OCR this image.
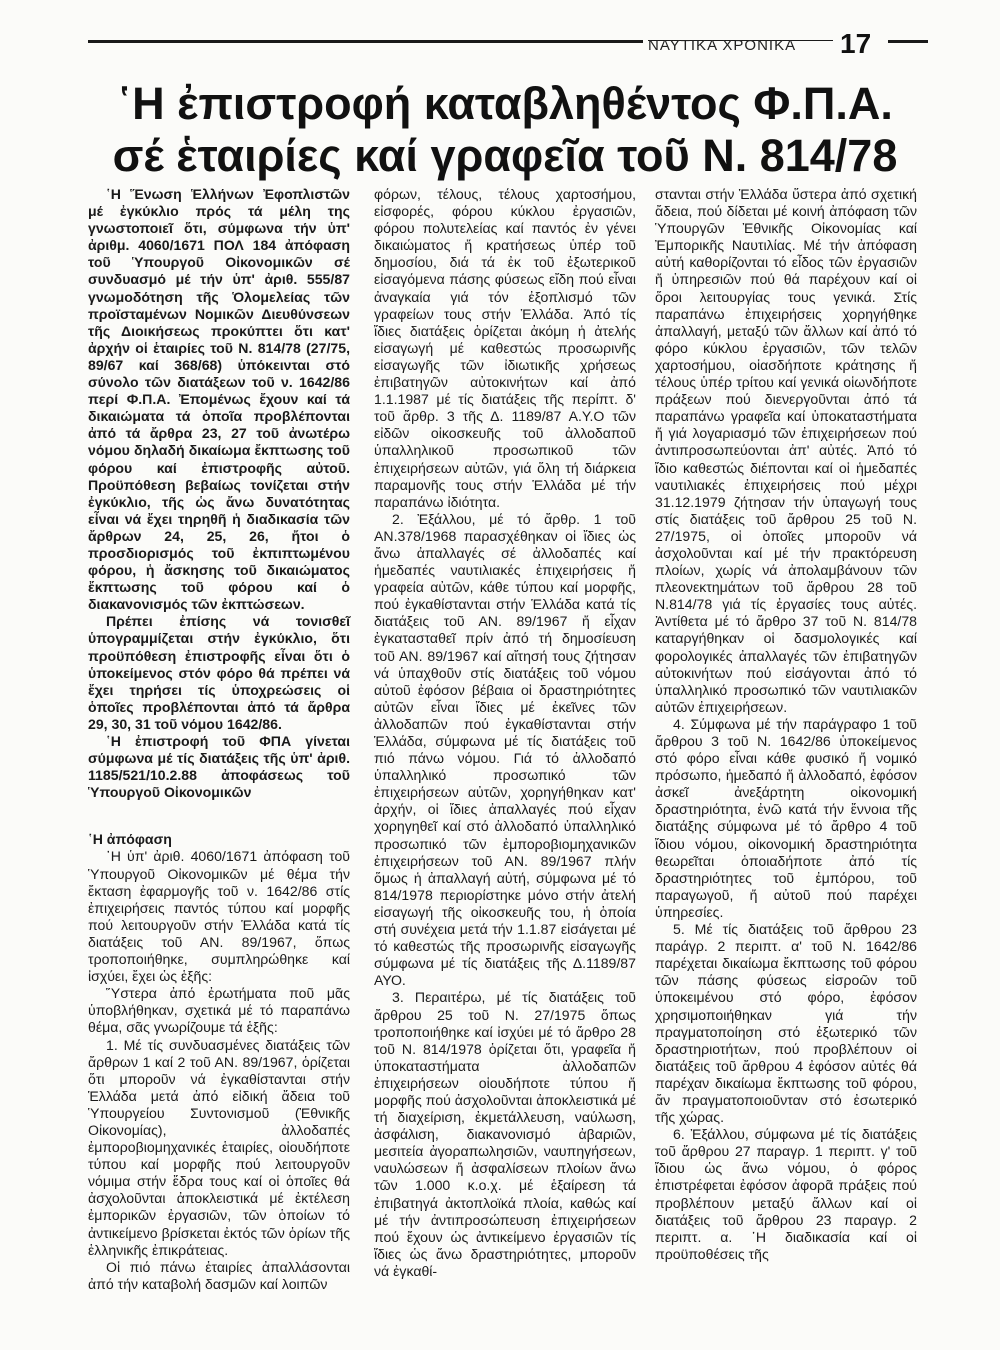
ΝΑΥΤΙΚΑ ΧΡΟΝΙΚΑ 17
῾Η ἐπιστροφή καταβληθέντος Φ.Π.Α.
σέ ἑταιρίες καί γραφεῖα τοῦ Ν. 814/78

῾Η Ἕνωση Ἑλλήνων Ἐφοπλιστῶν μέ ἐγκύκλιο πρός τά μέλη της γνωστοποιεῖ ὅτι, σύμφωνα τήν ὑπ' ἀριθμ. 4060/1671 ΠΟΛ 184 ἀπόφαση τοῦ Ὑπουργοῦ Οἰκονομικῶν σέ συνδυασμό μέ τήν ὑπ' ἀριθ. 555/87 γνωμοδότηση τῆς Ὁλομελείας τῶν προϊσταμένων Νομικῶν Διευθύνσεων τῆς Διοικήσεως προκύπτει ὅτι κατ' ἀρχήν οἱ ἑταιρίες τοῦ Ν. 814/78 (27/75, 89/67 καί 368/68) ὑπόκεινται στό σύνολο τῶν διατάξεων τοῦ ν. 1642/86 περί Φ.Π.Α. Ἐπομένως ἔχουν καί τά δικαιώματα τά ὁποῖα προβλέπονται ἀπό τά ἄρθρα 23, 27 τοῦ ἀνωτέρω νόμου δηλαδή δικαίωμα ἔκπτωσης τοῦ φόρου καί ἐπιστροφῆς αὐτοῦ. Προϋπόθεση βεβαίως τονίζεται στήν ἐγκύκλιο, τῆς ὡς ἄνω δυνατότητας εἶναι νά ἔχει τηρηθῆ ἡ διαδικασία τῶν ἄρθρων 24, 25, 26, ἤτοι ὁ προσδιορισμός τοῦ ἐκπιπτωμένου φόρου, ἡ ἄσκησης τοῦ δικαιώματος ἔκπτωσης τοῦ φόρου καί ὁ διακανονισμός τῶν ἐκπτώσεων.

Πρέπει ἐπίσης νά τονισθεῖ ὑπογραμμίζεται στήν ἐγκύκλιο, ὅτι προϋπόθεση ἐπιστροφῆς εἶναι ὅτι ὁ ὑποκείμενος στόν φόρο θά πρέπει νά ἔχει τηρήσει τίς ὑποχρεώσεις οἱ ὁποῖες προβλέπονται ἀπό τά ἄρθρα 29, 30, 31 τοῦ νόμου 1642/86.

῾Η ἐπιστροφή τοῦ ΦΠΑ γίνεται σύμφωνα μέ τίς διατάξεις τῆς ὑπ' ἀριθ. 1185/521/10.2.88 ἀποφάσεως τοῦ Ὑπουργοῦ Οἰκονομικῶν

῾Η ἀπόφαση

῾Η ὑπ' ἀριθ. 4060/1671 ἀπόφαση τοῦ Ὑπουργοῦ Οἰκονομικῶν μέ θέμα τήν ἔκταση ἐφαρμογῆς τοῦ ν. 1642/86 στίς ἐπιχειρήσεις παντός τύπου καί μορφῆς πού λειτουργοῦν στήν Ἑλλάδα κατά τίς διατάξεις τοῦ ΑΝ. 89/1967, ὅπως τροποποιήθηκε, συμπληρώθηκε καί ἰσχύει, ἔχει ὡς ἑξῆς:

Ὕστερα ἀπό ἐρωτήματα ποῦ μᾶς ὑποβλήθηκαν, σχετικά μέ τό παραπάνω θέμα, σᾶς γνωρίζουμε τά ἑξῆς:

1. Μέ τίς συνδυασμένες διατάξεις τῶν ἄρθρων 1 καί 2 τοῦ ΑΝ. 89/1967, ὁρίζεται ὅτι μποροῦν νά ἐγκαθίστανται στήν Ἑλλάδα μετά ἀπό εἰδική ἄδεια τοῦ Ὑπουργείου Συντονισμοῦ (Ἐθνικῆς Οἰκονομίας), ἀλλοδαπές ἐμποροβιομηχανικές ἑταιρίες, οἱουδήποτε τύπου καί μορφῆς πού λειτουργοῦν νόμιμα στήν ἕδρα τους καί οἱ ὁποῖες θά ἀσχολοῦνται ἀποκλειστικά μέ ἐκτέλεση ἐμπορικῶν ἐργασιῶν, τῶν ὁποίων τό ἀντικείμενο βρίσκεται ἐκτός τῶν ὁρίων τῆς ἑλληνικῆς ἐπικράτειας.

Οἱ πιό πάνω ἑταιρίες ἀπαλλάσονται ἀπό τήν καταβολή δασμῶν καί λοιπῶν

φόρων, τέλους, τέλους χαρτοσήμου, εἰσφορές, φόρου κύκλου ἐργασιῶν, φόρου πολυτελείας καί παντός ἐν γένει δικαιώματος ἤ κρατήσεως ὑπέρ τοῦ δημοσίου, διά τά ἐκ τοῦ ἐξωτερικοῦ εἰσαγόμενα πάσης φύσεως εἴδη πού εἶναι ἀναγκαία γιά τόν ἐξοπλισμό τῶν γραφείων τους στήν Ἑλλάδα. Ἀπό τίς ἴδιες διατάξεις ὁρίζεται ἀκόμη ἡ ἀτελής εἰσαγωγή μέ καθεστώς προσωρινῆς εἰσαγωγῆς τῶν ἰδιωτικῆς χρήσεως ἐπιβατηγῶν αὐτοκινήτων καί ἀπό 1.1.1987 μέ τίς διατάξεις τῆς περίπτ. δ' τοῦ ἄρθρ. 3 τῆς Δ. 1189/87 Α.Υ.Ο τῶν εἰδῶν οἰκοσκευῆς τοῦ ἀλλοδαποῦ ὑπαλληλικοῦ προσωπικοῦ τῶν ἐπιχειρήσεων αὐτῶν, γιά ὅλη τή διάρκεια παραμονῆς τους στήν Ἑλλάδα μέ τήν παραπάνω ἰδιότητα.

2. Ἐξάλλου, μέ τό ἄρθρ. 1 τοῦ ΑΝ.378/1968 παρασχέθηκαν οἱ ἴδιες ὡς ἄνω ἀπαλλαγές σέ ἀλλοδαπές καί ἡμεδαπές ναυτιλιακές ἐπιχειρήσεις ἤ γραφεία αὐτῶν, κάθε τύπου καί μορφῆς, πού ἐγκαθίστανται στήν Ἑλλάδα κατά τίς διατάξεις τοῦ ΑΝ. 89/1967 ἤ εἶχαν ἐγκατασταθεῖ πρίν ἀπό τή δημοσίευση τοῦ ΑΝ. 89/1967 καί αἴτησή τους ζήτησαν νά ὑπαχθοῦν στίς διατάξεις τοῦ νόμου αὐτοῦ ἐφόσον βέβαια οἱ δραστηριότητες αὐτῶν εἶναι ἴδιες μέ ἐκεῖνες τῶν ἀλλοδαπῶν πού ἐγκαθίστανται στήν Ἑλλάδα, σύμφωνα μέ τίς διατάξεις τοῦ πιό πάνω νόμου. Γιά τό ἀλλοδαπό ὑπαλληλικό προσωπικό τῶν ἐπιχειρήσεων αὐτῶν, χορηγήθηκαν κατ' ἀρχήν, οἱ ἴδιες ἀπαλλαγές πού εἶχαν χορηγηθεῖ καί στό ἀλλοδαπό ὑπαλληλικό προσωπικό τῶν ἐμποροβιομηχανικῶν ἐπιχειρήσεων τοῦ ΑΝ. 89/1967 πλήν ὅμως ἡ ἀπαλλαγή αὐτή, σύμφωνα μέ τό 814/1978 περιορίστηκε μόνο στήν ἀτελή εἰσαγωγή τῆς οἰκοσκευῆς του, ἡ ὁποία στή συνέχεια μετά τήν 1.1.87 εἰσάγεται μέ τό καθεστώς τῆς προσωρινῆς εἰσαγωγῆς σύμφωνα μέ τίς διατάξεις τῆς Δ.1189/87 ΑΥΟ.

3. Περαιτέρω, μέ τίς διατάξεις τοῦ ἄρθρου 25 τοῦ Ν. 27/1975 ὅπως τροποποιήθηκε καί ἰσχύει μέ τό ἄρθρο 28 τοῦ Ν. 814/1978 ὁρίζεται ὅτι, γραφεῖα ἤ ὑποκαταστήματα ἀλλοδαπῶν ἐπιχειρήσεων οἱουδήποτε τύπου ἤ μορφῆς πού ἀσχολοῦνται ἀποκλειστικά μέ τή διαχείριση, ἐκμετάλλευση, ναύλωση, ἀσφάλιση, διακανονισμό ἀβαριῶν, μεσιτεία ἀγοραπωλησιῶν, ναυπηγήσεων, ναυλώσεων ἤ ἀσφαλίσεων πλοίων ἄνω τῶν 1.000 κ.ο.χ. μέ ἑξαίρεση τά ἐπιβατηγά ἀκτοπλοϊκά πλοία, καθώς καί μέ τήν ἀντιπροσώπευση ἐπιχειρήσεων πού ἔχουν ὡς ἀντικείμενο ἐργασιῶν τίς ἴδιες ὡς ἄνω δραστηριότητες, μποροῦν νά ἐγκαθί-

στανται στήν Ἑλλάδα ὕστερα ἀπό σχετική ἄδεια, πού δίδεται μέ κοινή ἀπόφαση τῶν Ὑπουργῶν Ἐθνικῆς Οἰκονομίας καί Ἐμπορικῆς Ναυτιλίας. Μέ τήν ἀπόφαση αὐτή καθορίζονται τό εἶδος τῶν ἐργασιῶν ἤ ὑπηρεσιῶν πού θά παρέχουν καί οἱ ὅροι λειτουργίας τους γενικά. Στίς παραπάνω ἐπιχειρήσεις χορηγήθηκε ἀπαλλαγή, μεταξύ τῶν ἄλλων καί ἀπό τό φόρο κύκλου ἐργασιῶν, τῶν τελῶν χαρτοσήμου, οἱασδήποτε κράτησης ἤ τέλους ὑπέρ τρίτου καί γενικά οἱωνδήποτε πράξεων πού διενεργοῦνται ἀπό τά παραπάνω γραφεῖα καί ὑποκαταστήματα ἤ γιά λογαριασμό τῶν ἐπιχειρήσεων πού ἀντιπροσωπεύονται ἀπ' αὐτές. Ἀπό τό ἴδιο καθεστώς διέπονται καί οἱ ἡμεδαπές ναυτιλιακές ἐπιχειρήσεις πού μέχρι 31.12.1979 ζήτησαν τήν ὑπαγωγή τους στίς διατάξεις τοῦ ἄρθρου 25 τοῦ Ν. 27/1975, οἱ ὁποῖες μποροῦν νά ἀσχολοῦνται καί μέ τήν πρακτόρευση πλοίων, χωρίς νά ἀπολαμβάνουν τῶν πλεονεκτημάτων τοῦ ἄρθρου 28 τοῦ Ν.814/78 γιά τίς ἐργασίες τους αὐτές. Ἀντίθετα μέ τό ἄρθρο 37 τοῦ Ν. 814/78 καταργήθηκαν οἱ δασμολογικές καί φορολογικές ἀπαλλαγές τῶν ἐπιβατηγῶν αὐτοκινήτων πού εἰσάγονται ἀπό τό ὑπαλληλικό προσωπικό τῶν ναυτιλιακῶν αὐτῶν ἐπιχειρήσεων.

4. Σύμφωνα μέ τήν παράγραφο 1 τοῦ ἄρθρου 3 τοῦ Ν. 1642/86 ὑποκείμενος στό φόρο εἶναι κάθε φυσικό ἤ νομικό πρόσωπο, ἡμεδαπό ἤ ἀλλοδαπό, ἐφόσον ἀσκεῖ ἀνεξάρτητη οἰκονομική δραστηριότητα, ἐνῶ κατά τήν ἔννοια τῆς διατάξης σύμφωνα μέ τό ἄρθρο 4 τοῦ ἴδιου νόμου, οἰκονομική δραστηριότητα θεωρεῖται ὁποιαδήποτε ἀπό τίς δραστηριότητες τοῦ ἐμπόρου, τοῦ παραγωγοῦ, ἤ αὐτοῦ πού παρέχει ὑπηρεσίες.

5. Μέ τίς διατάξεις τοῦ ἄρθρου 23 παράγρ. 2 περιπτ. α' τοῦ Ν. 1642/86 παρέχεται δικαίωμα ἔκπτωσης τοῦ φόρου τῶν πάσης φύσεως εἰσροῶν τοῦ ὑποκειμένου στό φόρο, ἐφόσον χρησιμοποιήθηκαν γιά τήν πραγματοποίηση στό ἐξωτερικό τῶν δραστηριοτήτων, πού προβλέπουν οἱ διατάξεις τοῦ ἄρθρου 4 ἐφόσον αὐτές θά παρέχαν δικαίωμα ἔκπτωσης τοῦ φόρου, ἄν πραγματοποιοῦνταν στό ἐσωτερικό τῆς χώρας.

6. Ἐξάλλου, σύμφωνα μέ τίς διατάξεις τοῦ ἄρθρου 27 παραγρ. 1 περιπτ. γ' τοῦ ἴδιου ὡς ἄνω νόμου, ὁ φόρος ἐπιστρέφεται ἐφόσον ἀφορᾶ πράξεις πού προβλέπουν μεταξύ ἄλλων καί οἱ διατάξεις τοῦ ἄρθρου 23 παραγρ. 2 περιπτ. α. ῾Η διαδικασία καί οἱ προϋποθέσεις τῆς
